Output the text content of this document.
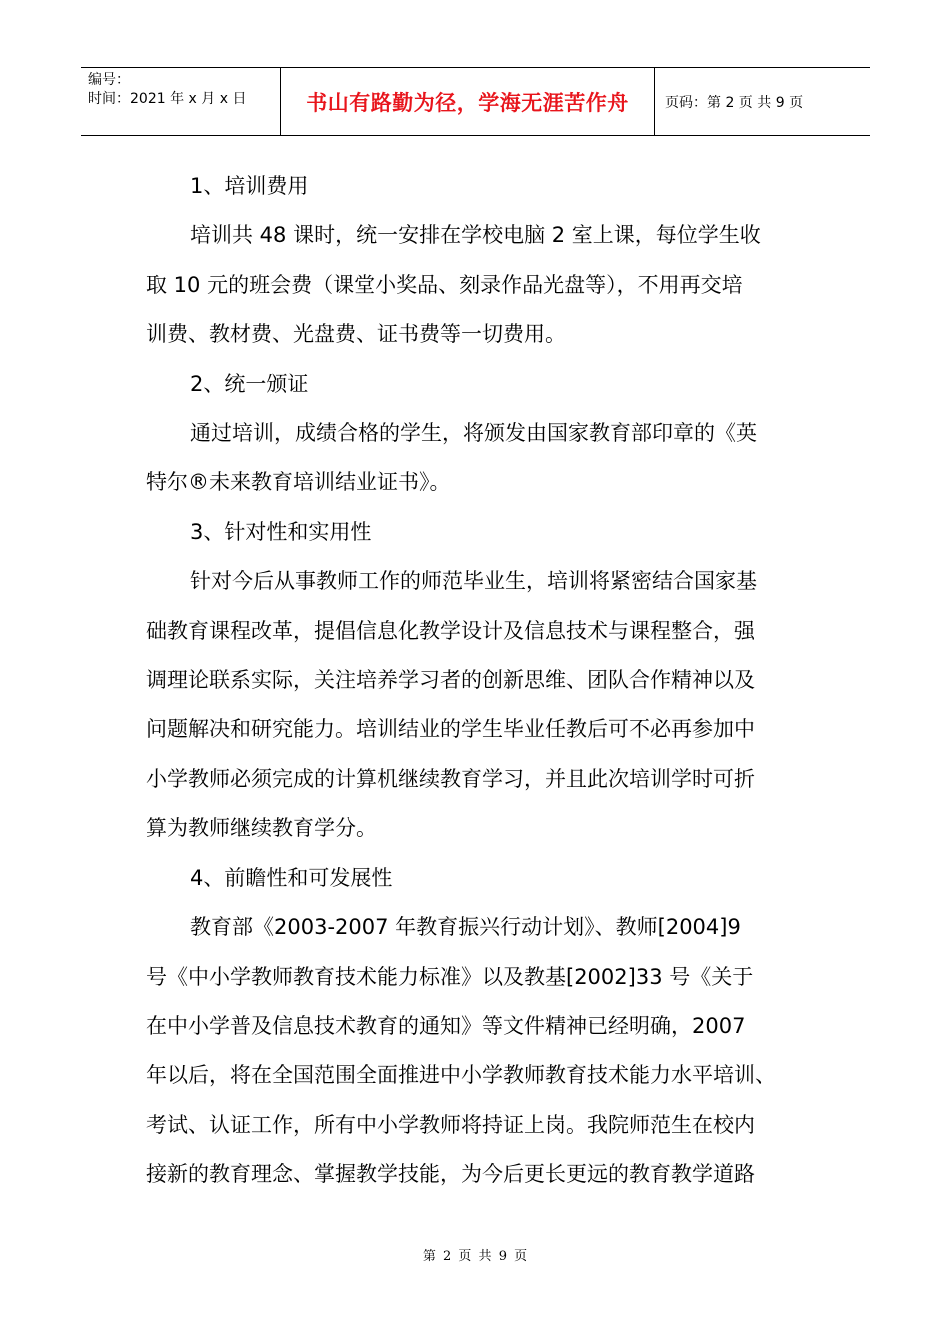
编号：
时间：2021 年 x 月 x 日	书山有路勤为径，学海无涯苦作舟	页码：第 2 页 共 9 页

1、培训费用

培训共 48 课时，统一安排在学校电脑 2 室上课，每位学生收

取 10 元的班会费（课堂小奖品、刻录作品光盘等），不用再交培

训费、教材费、光盘费、证书费等一切费用。

2、统一颁证

通过培训，成绩合格的学生，将颁发由国家教育部印章的《英

特尔®未来教育培训结业证书》。

3、针对性和实用性

针对今后从事教师工作的师范毕业生，培训将紧密结合国家基

础教育课程改革，提倡信息化教学设计及信息技术与课程整合，强

调理论联系实际，关注培养学习者的创新思维、团队合作精神以及

问题解决和研究能力。培训结业的学生毕业任教后可不必再参加中

小学教师必须完成的计算机继续教育学习，并且此次培训学时可折

算为教师继续教育学分。

4、前瞻性和可发展性

教育部《2003-2007 年教育振兴行动计划》、教师[2004]9

号《中小学教师教育技术能力标准》以及教基[2002]33 号《关于

在中小学普及信息技术教育的通知》等文件精神已经明确，2007

年以后，将在全国范围全面推进中小学教师教育技术能力水平培训、

考试、认证工作，所有中小学教师将持证上岗。我院师范生在校内

接新的教育理念、掌握教学技能，为今后更长更远的教育教学道路

第 2 页 共 9 页
